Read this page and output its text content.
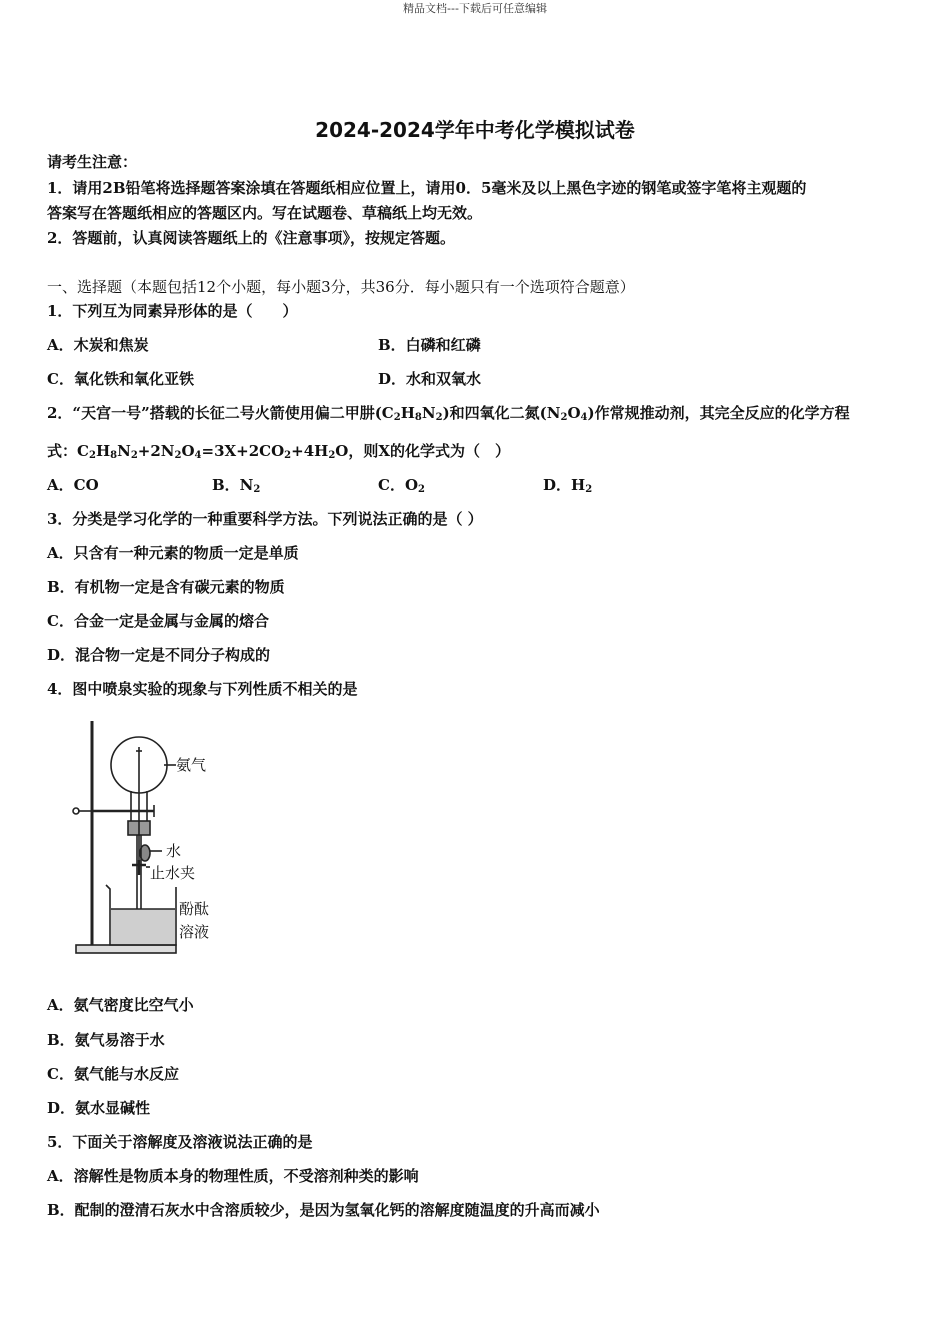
精品文档---下载后可任意编辑
2024-2024学年中考化学模拟试卷
请考生注意：
1．请用2B铅笔将选择题答案涂填在答题纸相应位置上，请用0．5毫米及以上黑色字迹的钢笔或签字笔将主观题的
答案写在答题纸相应的答题区内。写在试题卷、草稿纸上均无效。
2．答题前，认真阅读答题纸上的《注意事项》，按规定答题。
一、选择题（本题包括12个小题，每小题3分，共36分．每小题只有一个选项符合题意）
1．下列互为同素异形体的是（　　）
A．木炭和焦炭	B．白磷和红磷
C．氧化铁和氧化亚铁	D．水和双氧水
2．“天宫一号”搭载的长征二号火箭使用偏二甲肼$(C_2H_8N_2)$和四氧化二氮$(N_2O_4)$作常规推动剂，其完全反应的化学方程
式：$C_2H_8N_2+2N_2O_4=3X+2CO_2+4H_2O$，则X的化学式为（　）
A．CO	B．$N_2$	C．$O_2$	D．$H_2$
3．分类是学习化学的一种重要科学方法。下列说法正确的是（ ）
A．只含有一种元素的物质一定是单质
B．有机物一定是含有碳元素的物质
C．合金一定是金属与金属的熔合
D．混合物一定是不同分子构成的
4．图中喷泉实验的现象与下列性质不相关的是
氨气
水
止水夹
酚酞
溶液
A．氨气密度比空气小
B．氨气易溶于水
C．氨气能与水反应
D．氨水显碱性
5．下面关于溶解度及溶液说法正确的是
A．溶解性是物质本身的物理性质，不受溶剂种类的影响
B．配制的澄清石灰水中含溶质较少，是因为氢氧化钙的溶解度随温度的升高而减小
